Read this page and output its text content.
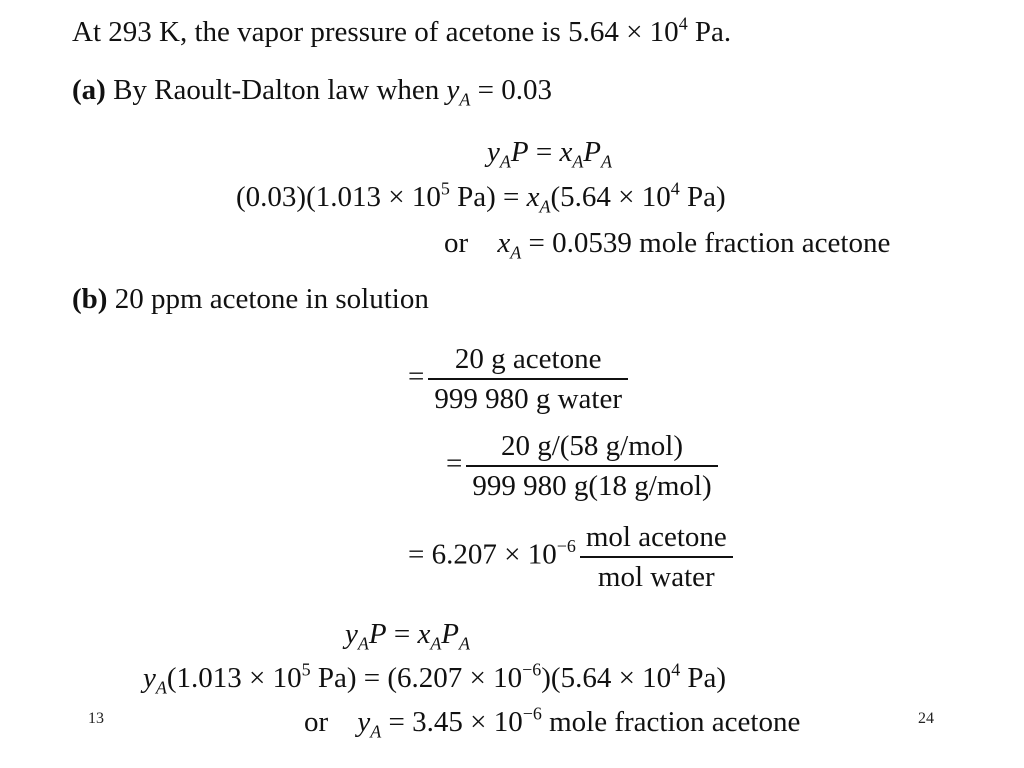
At 293 K, the vapor pressure of acetone is $5.64 \times 10^4$ Pa.
(a) By Raoult-Dalton law when $y_A = 0.03$
$y_AP = x_AP_A$
$(0.03)(1.013 \times 10^5$ $Pa) = x_A(5.64 \times 10^4$ Pa)
or $x_A = 0.0539$ mole fraction acetone
(b) 20 ppm acetone in solution
= $\frac{\text{20 g acetone}}{\text{999 980 g water}}$
= $\frac{\text{20 g/(58 g/mol)}}{\text{999 980 g(18 g/mol)}}$
= $6.207 \times 10^{-6} \frac{\text{mol acetone}}{\text{mol water}}$
$y_AP = x_AP_A$
$y_A(1.013 \times 10^5$ $Pa) = (6.207 \times 10^{-6})(5.64 \times 10^4$ Pa)
or $y_A = 3.45 \times 10^{-6}$ mole fraction acetone
13	24
